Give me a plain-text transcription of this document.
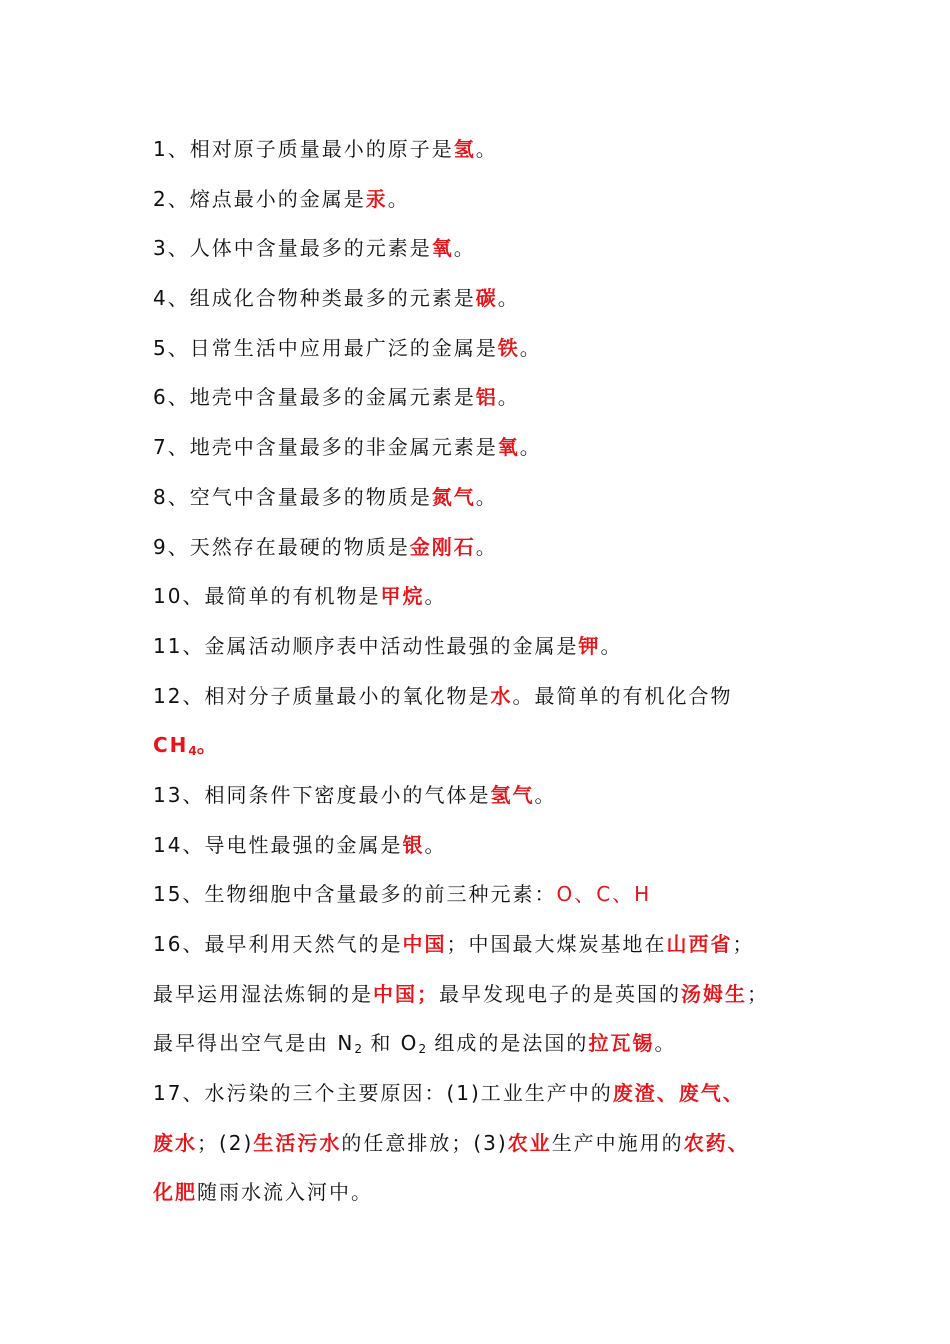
1、相对原子质量最小的原子是氢。
2、熔点最小的金属是汞。
3、人体中含量最多的元素是氧。
4、组成化合物种类最多的元素是碳。
5、日常生活中应用最广泛的金属是铁。
6、地壳中含量最多的金属元素是铝。
7、地壳中含量最多的非金属元素是氧。
8、空气中含量最多的物质是氮气。
9、天然存在最硬的物质是金刚石。
10、最简单的有机物是甲烷。
11、金属活动顺序表中活动性最强的金属是钾。
12、相对分子质量最小的氧化物是水。最简单的有机化合物
$CH_4$。
13、相同条件下密度最小的气体是氢气。
14、导电性最强的金属是银。
15、生物细胞中含量最多的前三种元素：O、C、H
16、最早利用天然气的是中国；中国最大煤炭基地在山西省；
最早运用湿法炼铜的是中国；最早发现电子的是英国的汤姆生；
最早得出空气是由 $N_2$ 和 $O_2$ 组成的是法国的拉瓦锡。
17、水污染的三个主要原因：(1)工业生产中的废渣、废气、
废水；(2)生活污水的任意排放；(3)农业生产中施用的农药、
化肥随雨水流入河中。
